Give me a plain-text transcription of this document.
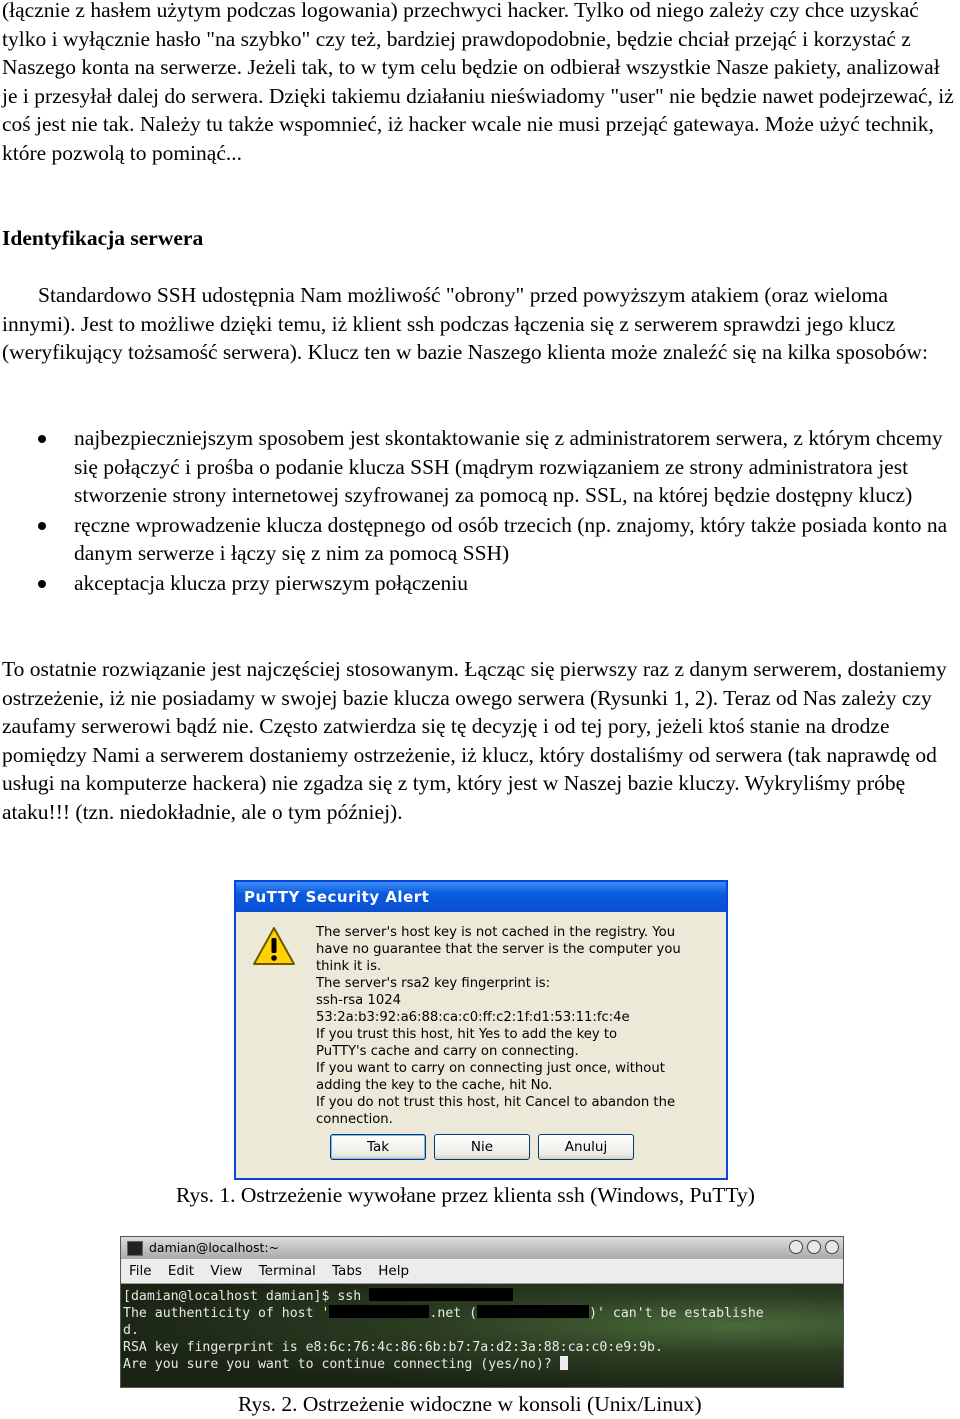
(łącznie z hasłem użytym podczas logowania) przechwyci hacker. Tylko od niego zależy czy chce uzyskać tylko i wyłącznie hasło "na szybko" czy też, bardziej prawdopodobnie, będzie chciał przejąć i korzystać z Naszego konta na serwerze. Jeżeli tak, to w tym celu będzie on odbierał wszystkie Nasze pakiety, analizował je i przesyłał dalej do serwera. Dzięki takiemu działaniu nieświadomy "user" nie będzie nawet podejrzewać, iż coś jest nie tak. Należy tu także wspomnieć, iż hacker wcale nie musi przejąć gatewaya. Może użyć technik, które pozwolą to pominąć...

Identyfikacja serwera

Standardowo SSH udostępnia Nam możliwość "obrony" przed powyższym atakiem (oraz wieloma innymi). Jest to możliwe dzięki temu, iż klient ssh podczas łączenia się z serwerem sprawdzi jego klucz (weryfikujący tożsamość serwera). Klucz ten w bazie Naszego klienta może znaleźć się na kilka sposobów:

najbezpieczniejszym sposobem jest skontaktowanie się z administratorem serwera, z którym chcemy się połączyć i prośba o podanie klucza SSH (mądrym rozwiązaniem ze strony administratora jest stworzenie strony internetowej szyfrowanej za pomocą np. SSL, na której będzie dostępny klucz)
ręczne wprowadzenie klucza dostępnego od osób trzecich (np. znajomy, który także posiada konto na danym serwerze i łączy się z nim za pomocą SSH)
akceptacja klucza przy pierwszym połączeniu

To ostatnie rozwiązanie jest najczęściej stosowanym. Łącząc się pierwszy raz z danym serwerem, dostaniemy ostrzeżenie, iż nie posiadamy w swojej bazie klucza owego serwera (Rysunki 1, 2). Teraz od Nas zależy czy zaufamy serwerowi bądź nie. Często zatwierdza się tę decyzję i od tej pory, jeżeli ktoś stanie na drodze pomiędzy Nami a serwerem dostaniemy ostrzeżenie, iż klucz, który dostaliśmy od serwera (tak naprawdę od usługi na komputerze hackera) nie zgadza się z tym, który jest w Naszej bazie kluczy. Wykryliśmy próbę ataku!!! (tzn. niedokładnie, ale o tym później).

PuTTY Security Alert
The server's host key is not cached in the registry. You
have no guarantee that the server is the computer you
think it is.
The server's rsa2 key fingerprint is:
ssh-rsa 1024 53:2a:b3:92:a6:88:ca:c0:ff:c2:1f:d1:53:11:fc:4e
If you trust this host, hit Yes to add the key to
PuTTY's cache and carry on connecting.
If you want to carry on connecting just once, without
adding the key to the cache, hit No.
If you do not trust this host, hit Cancel to abandon the
connection.
Tak	Nie	Anuluj

Rys. 1. Ostrzeżenie wywołane przez klienta ssh (Windows, PuTTy)

damian@localhost:~
File Edit View Terminal Tabs Help
[damian@localhost damian]$ ssh
The authenticity of host '	.net (	)' can't be establishe
d.
RSA key fingerprint is e8:6c:76:4c:86:6b:b7:7a:d2:3a:88:ca:c0:e9:9b.
Are you sure you want to continue connecting (yes/no)?

Rys. 2. Ostrzeżenie widoczne w konsoli (Unix/Linux)
